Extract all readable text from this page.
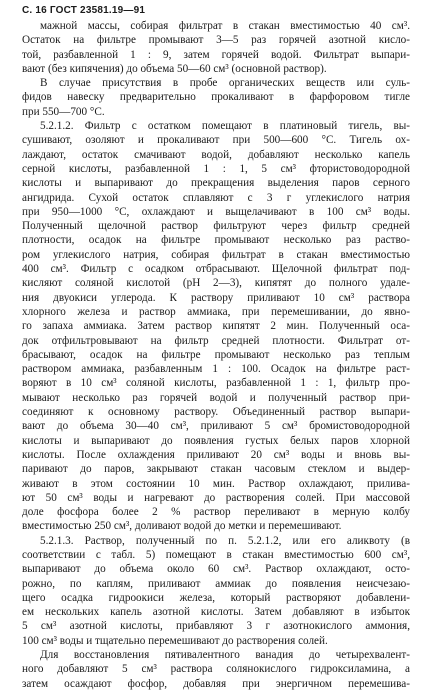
С. 16 ГОСТ 23581.19—91
мажной массы, собирая фильтрат в стакан вместимостью 40 см³.
Остаток на фильтре промывают 3—5 раз горячей азотной кисло-
той, разбавленной 1 : 9, затем горячей водой. Фильтрат выпари-
вают (без кипячения) до объема 50—60 см³ (основной раствор).
В случае присутствия в пробе органических веществ или суль-
фидов навеску предварительно прокаливают в фарфоровом тигле
при 550—700 °С.
5.2.1.2. Фильтр с остатком помещают в платиновый тигель, вы-
сушивают, озоляют и прокаливают при 500—600 °С. Тигель ох-
лаждают, остаток смачивают водой, добавляют несколько капель
серной кислоты, разбавленной 1 : 1, 5 см³ фтористоводородной
кислоты и выпаривают до прекращения выделения паров серного
ангидрида. Сухой остаток сплавляют с 3 г углекислого натрия
при 950—1000 °С, охлаждают и выщелачивают в 100 см³ воды.
Полученный щелочной раствор фильтруют через фильтр средней
плотности, осадок на фильтре промывают несколько раз раство-
ром углекислого натрия, собирая фильтрат в стакан вместимостью
400 см³. Фильтр с осадком отбрасывают. Щелочной фильтрат под-
кисляют соляной кислотой (рН 2—3), кипятят до полного удале-
ния двуокиси углерода. К раствору приливают 10 см³ раствора
хлорного железа и раствор аммиака, при перемешивании, до явно-
го запаха аммиака. Затем раствор кипятят 2 мин. Полученный оса-
док отфильтровывают на фильтр средней плотности. Фильтрат от-
брасывают, осадок на фильтре промывают несколько раз теплым
раствором аммиака, разбавленным 1 : 100. Осадок на фильтре раст-
воряют в 10 см³ соляной кислоты, разбавленной 1 : 1, фильтр про-
мывают несколько раз горячей водой и полученный раствор при-
соединяют к основному раствору. Объединенный раствор выпари-
вают до объема 30—40 см³, приливают 5 см³ бромистоводородной
кислоты и выпаривают до появления густых белых паров хлорной
кислоты. После охлаждения приливают 20 см³ воды и вновь вы-
паривают до паров, закрывают стакан часовым стеклом и выдер-
живают в этом состоянии 10 мин. Раствор охлаждают, прилива-
ют 50 см³ воды и нагревают до растворения солей. При массовой
доле фосфора более 2 % раствор переливают в мерную колбу
вместимостью 250 см³, доливают водой до метки и перемешивают.
5.2.1.3. Раствор, полученный по п. 5.2.1.2, или его аликвоту (в
соответствии с табл. 5) помещают в стакан вместимостью 600 см³,
выпаривают до объема около 60 см³. Раствор охлаждают, осто-
рожно, по каплям, приливают аммиак до появления неисчезаю-
щего осадка гидроокиси железа, который растворяют добавлени-
ем нескольких капель азотной кислоты. Затем добавляют в избыток
5 см³ азотной кислоты, прибавляют 3 г азотнокислого аммония,
100 см³ воды и тщательно перемешивают до растворения солей.
Для восстановления пятивалентного ванадия до четырехвалент-
ного добавляют 5 см³ раствора солянокислого гидроксиламина, а
затем осаждают фосфор, добавляя при энергичном перемешива-
